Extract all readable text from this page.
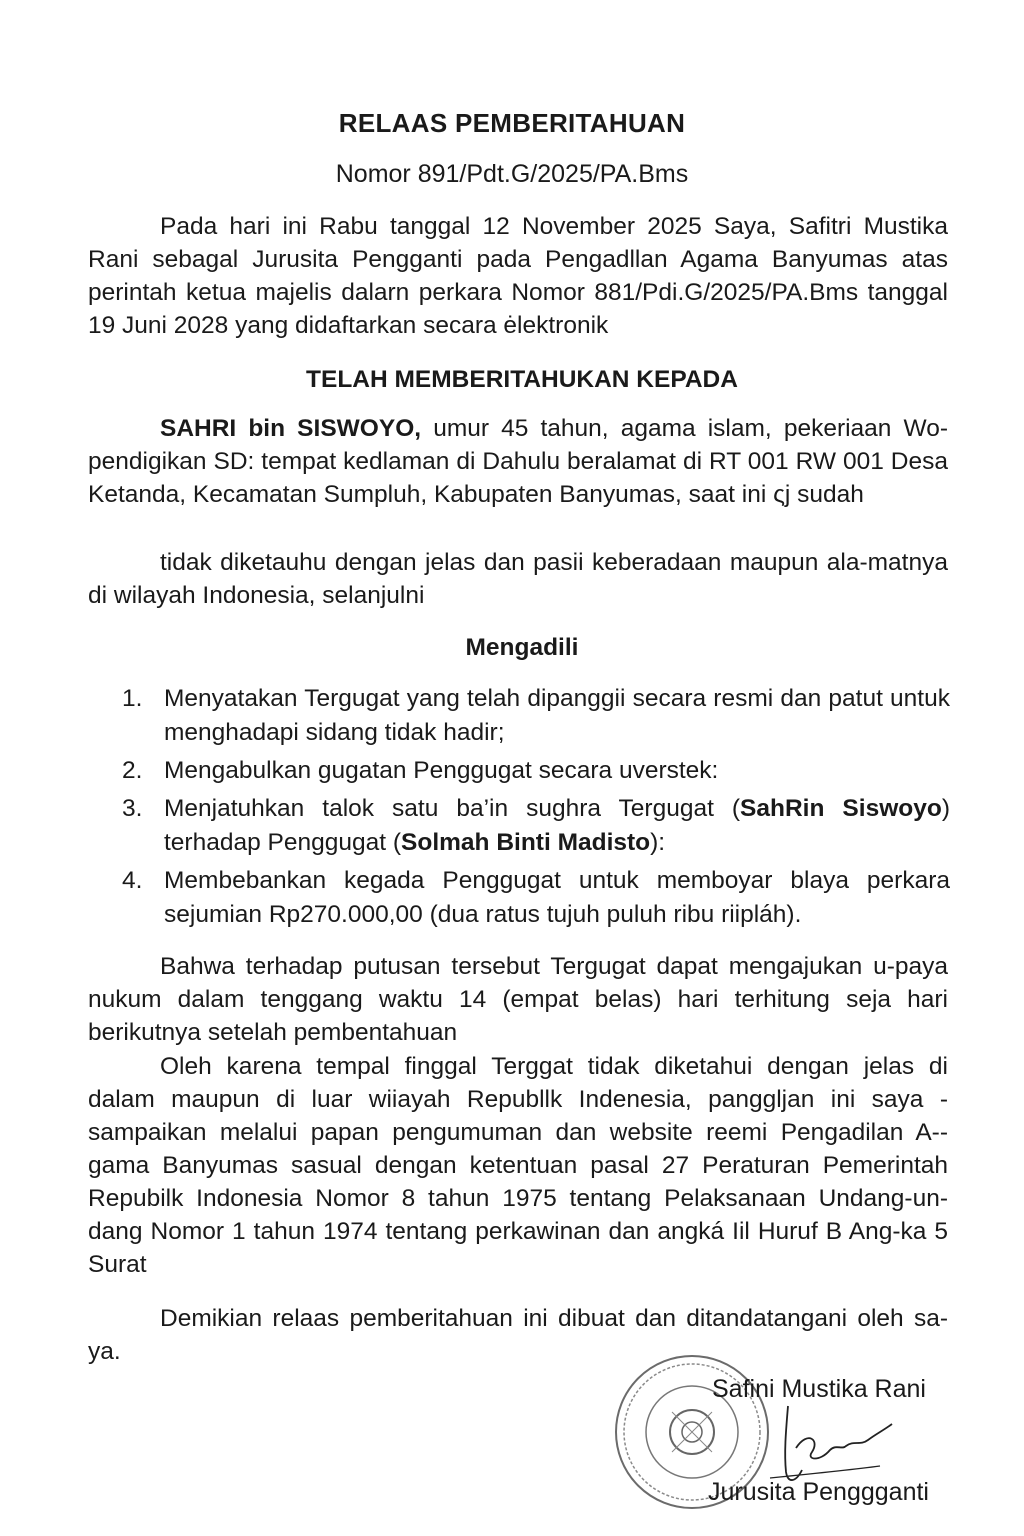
RELAAS PEMBERITAHUAN
Nomor 891/Pdt.G/2025/PA.Bms
Pada hari ini Rabu tanggal 12 November 2025 Saya, Safitri Mustika Rani sebagal Jurusita Pengganti pada Pengadllan Agama Banyumas atas perintah ketua majelis dalarn perkara Nomor 881/Pdi.G/2025/PA.Bms tanggal 19 Juni 2028 yang didaftarkan secara ėlektronik
TELAH MEMBERITAHUKAN KEPADA
SAHRI bin SISWOYO, umur 45 tahun, agama islam, pekeriaan Wo-pendigikan SD: tempat kedlaman di Dahulu beralamat di RT 001 RW 001 Desa Ketanda, Kecamatan Sumpluh, Kabupaten Banyumas, saat ini ςj sudah
tidak diketauhu dengan jelas dan pasii keberadaan maupun ala-matnya di wilayah Indonesia, selanjulni
Mengadili
1. Menyatakan Tergugat yang telah dipanggii secara resmi dan patut untuk menghadapi sidang tidak hadir;
2. Mengabulkan gugatan Penggugat secara uverstek:
3. Menjatuhkan talok satu ba’in sughra Tergugat (SahRin Siswoyo) terhadap Penggugat (Solmah Binti Madisto):
4. Membebankan kegada Penggugat untuk memboyar blaya perkara sejumian Rp270.000,00 (dua ratus tujuh puluh ribu riipláh).
Bahwa terhadap putusan tersebut Tergugat dapat mengajukan u-paya nukum dalam tenggang waktu 14 (empat belas) hari terhitung seja hari berikutnya setelah pembentahuan
Oleh karena tempal finggal Terggat tidak diketahui dengan jelas di dalam maupun di luar wiiayah Republlk Indenesia, panggljan ini saya - sampaikan melalui papan pengumuman dan website reemi Pengadilan A--gama Banyumas sasual dengan ketentuan pasal 27 Peraturan Pemerintah Repubilk Indonesia Nomor 8 tahun 1975 tentang Pelaksanaan Undang-un-dang Nomor 1 tahun 1974 tentang perkawinan dan angká Iil Huruf B Ang-ka 5 Surat
Demikian relaas pemberitahuan ini dibuat dan ditandatangani oleh sa-ya.
Safini Mustika Rani
Jurusita Penggganti
